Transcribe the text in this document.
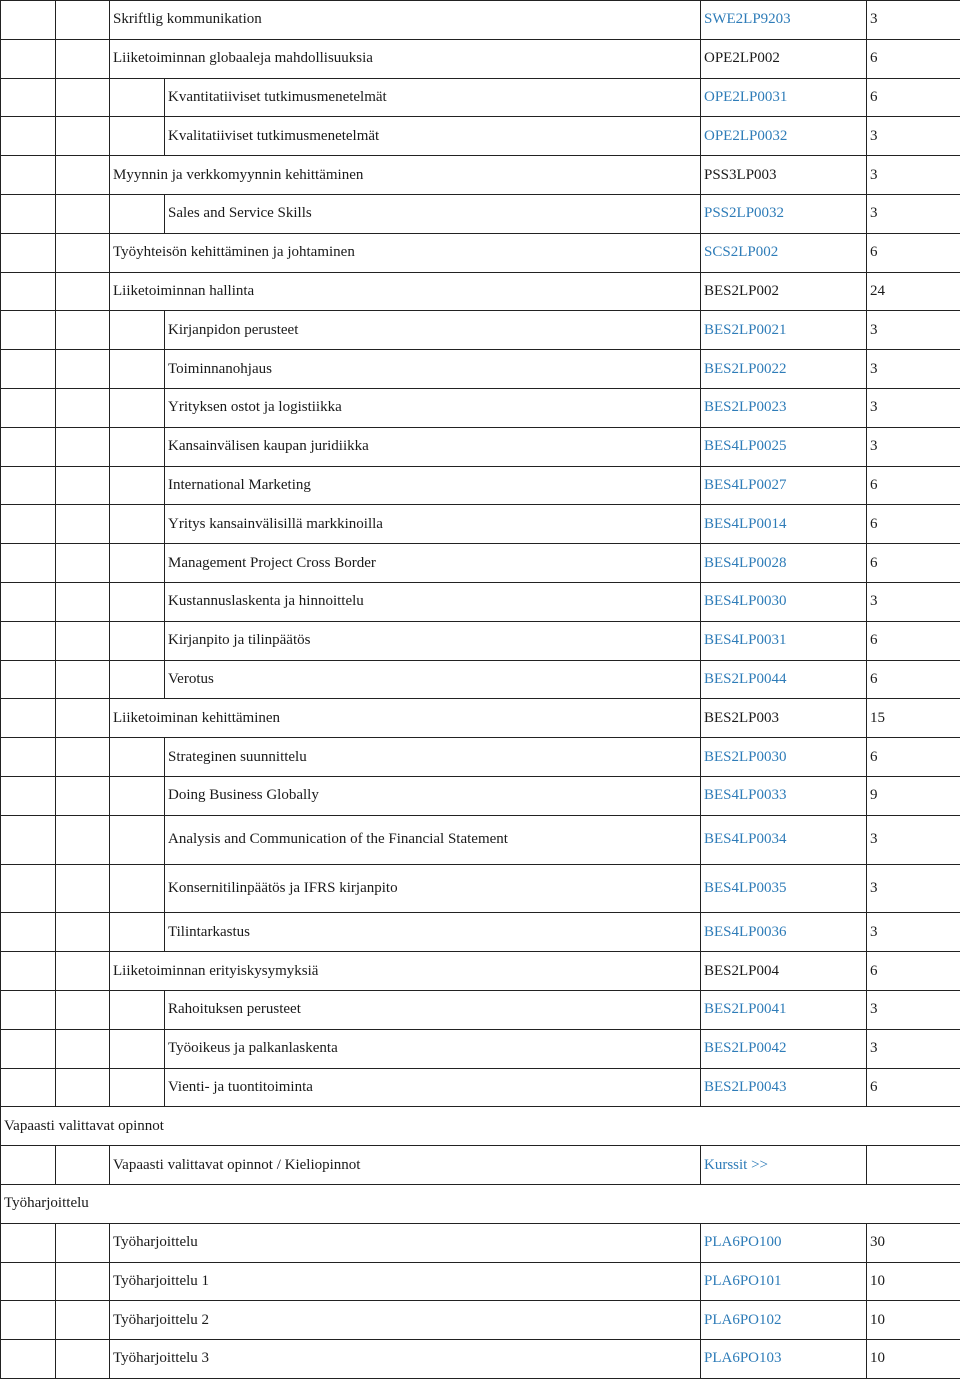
		Skriftlig kommunikation		SWE2LP9203	3
		Liiketoiminnan globaaleja mahdollisuuksia		OPE2LP002	6
			Kvantitatiiviset tutkimusmenetelmät	OPE2LP0031	6
			Kvalitatiiviset tutkimusmenetelmät	OPE2LP0032	3
		Myynnin ja verkkomyynnin kehittäminen		PSS3LP003	3
			Sales and Service Skills	PSS2LP0032	3
		Työyhteisön kehittäminen ja johtaminen		SCS2LP002	6
		Liiketoiminnan hallinta		BES2LP002	24
			Kirjanpidon perusteet	BES2LP0021	3
			Toiminnanohjaus	BES2LP0022	3
			Yrityksen ostot ja logistiikka	BES2LP0023	3
			Kansainvälisen kaupan juridiikka	BES4LP0025	3
			International Marketing	BES4LP0027	6
			Yritys kansainvälisillä markkinoilla	BES4LP0014	6
			Management Project Cross Border	BES4LP0028	6
			Kustannuslaskenta ja hinnoittelu	BES4LP0030	3
			Kirjanpito ja tilinpäätös	BES4LP0031	6
			Verotus	BES2LP0044	6
		Liiketoiminan kehittäminen		BES2LP003	15
			Strateginen suunnittelu	BES2LP0030	6
			Doing Business Globally	BES4LP0033	9
			Analysis and Communication of the Financial Statement	BES4LP0034	3
			Konsernitilinpäätös ja IFRS kirjanpito	BES4LP0035	3
			Tilintarkastus	BES4LP0036	3
		Liiketoiminnan erityiskysymyksiä		BES2LP004	6
			Rahoituksen perusteet	BES2LP0041	3
			Työoikeus ja palkanlaskenta	BES2LP0042	3
			Vienti- ja tuontitoiminta	BES2LP0043	6
Vapaasti valittavat opinnot					
		Vapaasti valittavat opinnot / Kieliopinnot		Kurssit >>	
Työharjoittelu					
		Työharjoittelu		PLA6PO100	30
		Työharjoittelu 1		PLA6PO101	10
		Työharjoittelu 2		PLA6PO102	10
		Työharjoittelu 3		PLA6PO103	10
